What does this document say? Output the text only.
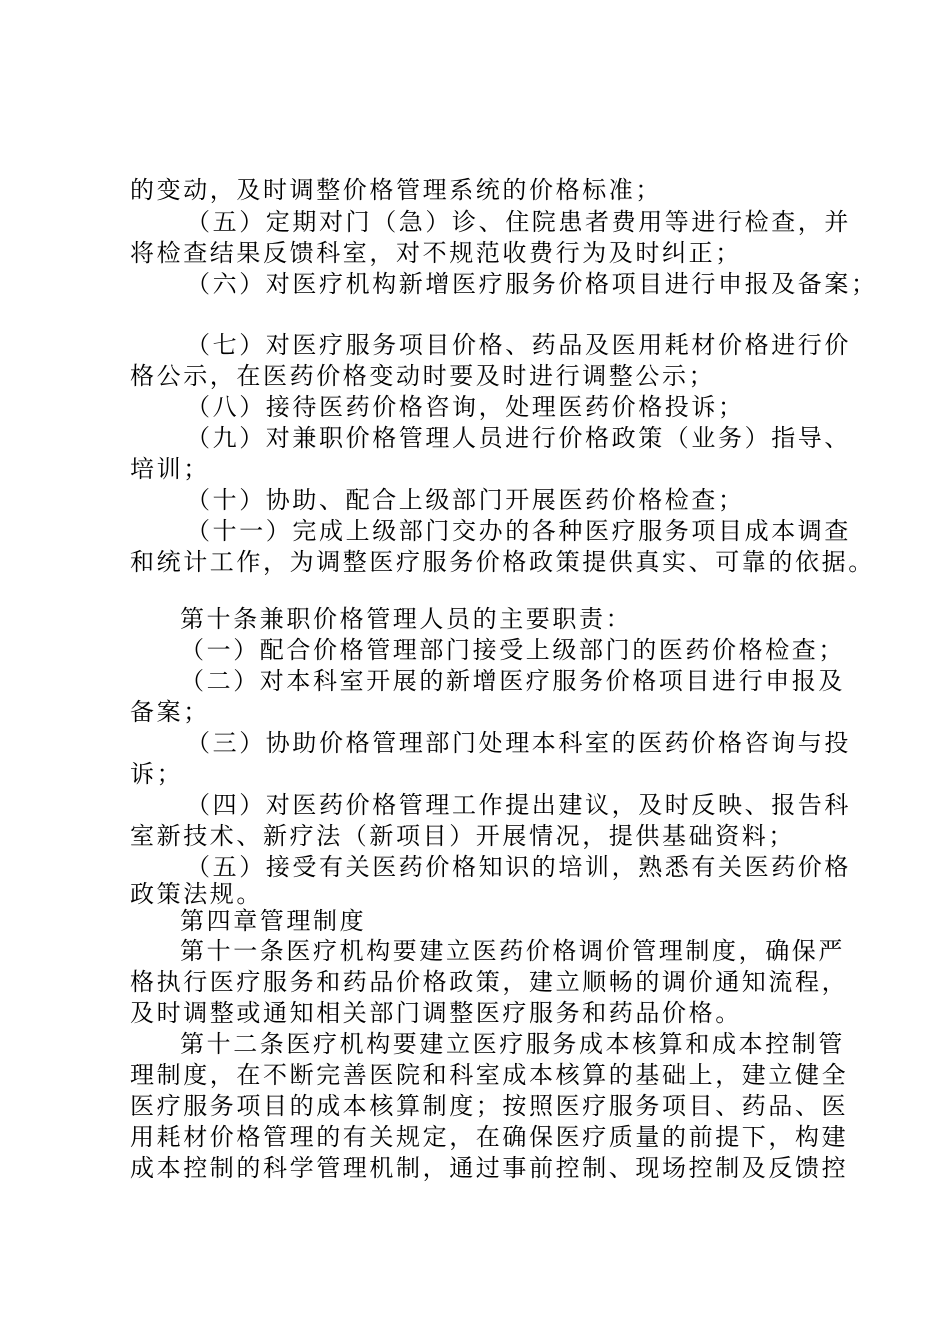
的变动，及时调整价格管理系统的价格标准；
（五）定期对门（急）诊、住院患者费用等进行检查，并
将检查结果反馈科室，对不规范收费行为及时纠正；
（六）对医疗机构新增医疗服务价格项目进行申报及备案；
（七）对医疗服务项目价格、药品及医用耗材价格进行价
格公示，在医药价格变动时要及时进行调整公示；
（八）接待医药价格咨询，处理医药价格投诉；
（九）对兼职价格管理人员进行价格政策（业务）指导、
培训；
（十）协助、配合上级部门开展医药价格检查；
（十一）完成上级部门交办的各种医疗服务项目成本调查
和统计工作，为调整医疗服务价格政策提供真实、可靠的依据。
第十条兼职价格管理人员的主要职责：
（一）配合价格管理部门接受上级部门的医药价格检查；
（二）对本科室开展的新增医疗服务价格项目进行申报及
备案；
（三）协助价格管理部门处理本科室的医药价格咨询与投
诉；
（四）对医药价格管理工作提出建议，及时反映、报告科
室新技术、新疗法（新项目）开展情况，提供基础资料；
（五）接受有关医药价格知识的培训，熟悉有关医药价格
政策法规。
第四章管理制度
第十一条医疗机构要建立医药价格调价管理制度，确保严
格执行医疗服务和药品价格政策，建立顺畅的调价通知流程，
及时调整或通知相关部门调整医疗服务和药品价格。
第十二条医疗机构要建立医疗服务成本核算和成本控制管
理制度，在不断完善医院和科室成本核算的基础上，建立健全
医疗服务项目的成本核算制度；按照医疗服务项目、药品、医
用耗材价格管理的有关规定，在确保医疗质量的前提下，构建
成本控制的科学管理机制，通过事前控制、现场控制及反馈控
